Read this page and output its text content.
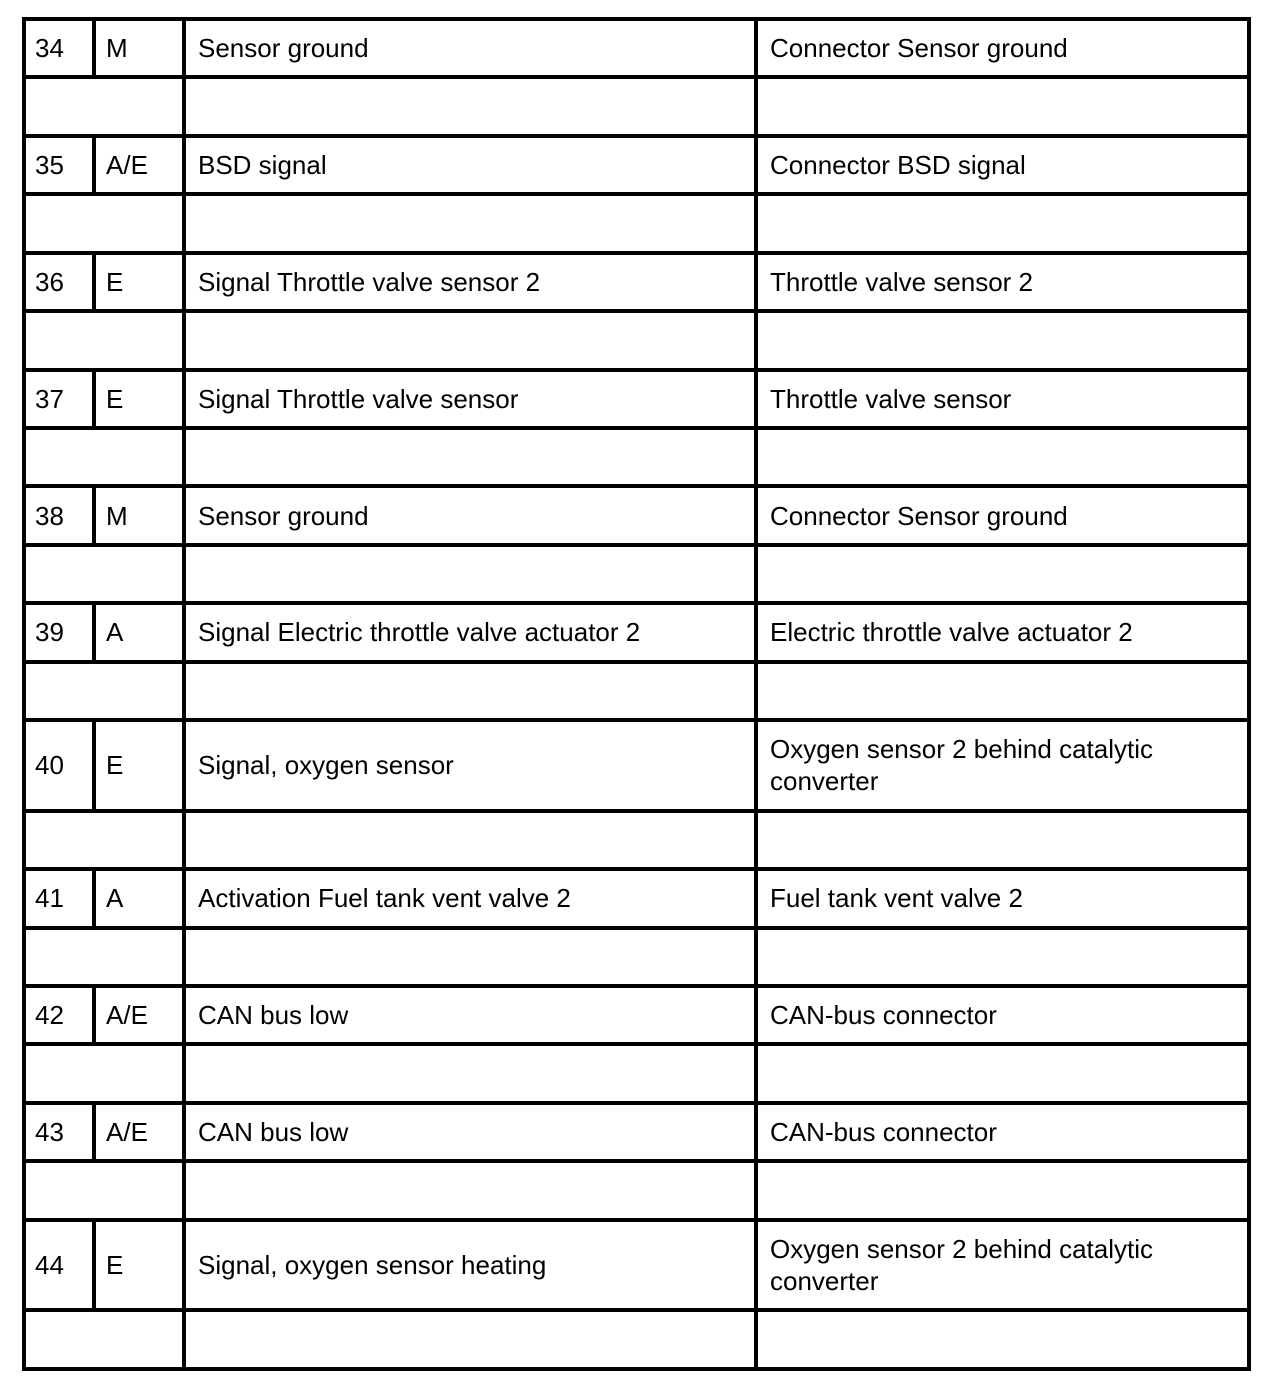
34	M	Sensor ground	Connector Sensor ground

35	A/E	BSD signal	Connector BSD signal

36	E	Signal Throttle valve sensor 2	Throttle valve sensor 2

37	E	Signal Throttle valve sensor	Throttle valve sensor

38	M	Sensor ground	Connector Sensor ground

39	A	Signal Electric throttle valve actuator 2	Electric throttle valve actuator 2

40	E	Signal, oxygen sensor	Oxygen sensor 2 behind catalytic converter

41	A	Activation Fuel tank vent valve 2	Fuel tank vent valve 2

42	A/E	CAN bus low	CAN-bus connector

43	A/E	CAN bus low	CAN-bus connector

44	E	Signal, oxygen sensor heating	Oxygen sensor 2 behind catalytic converter
